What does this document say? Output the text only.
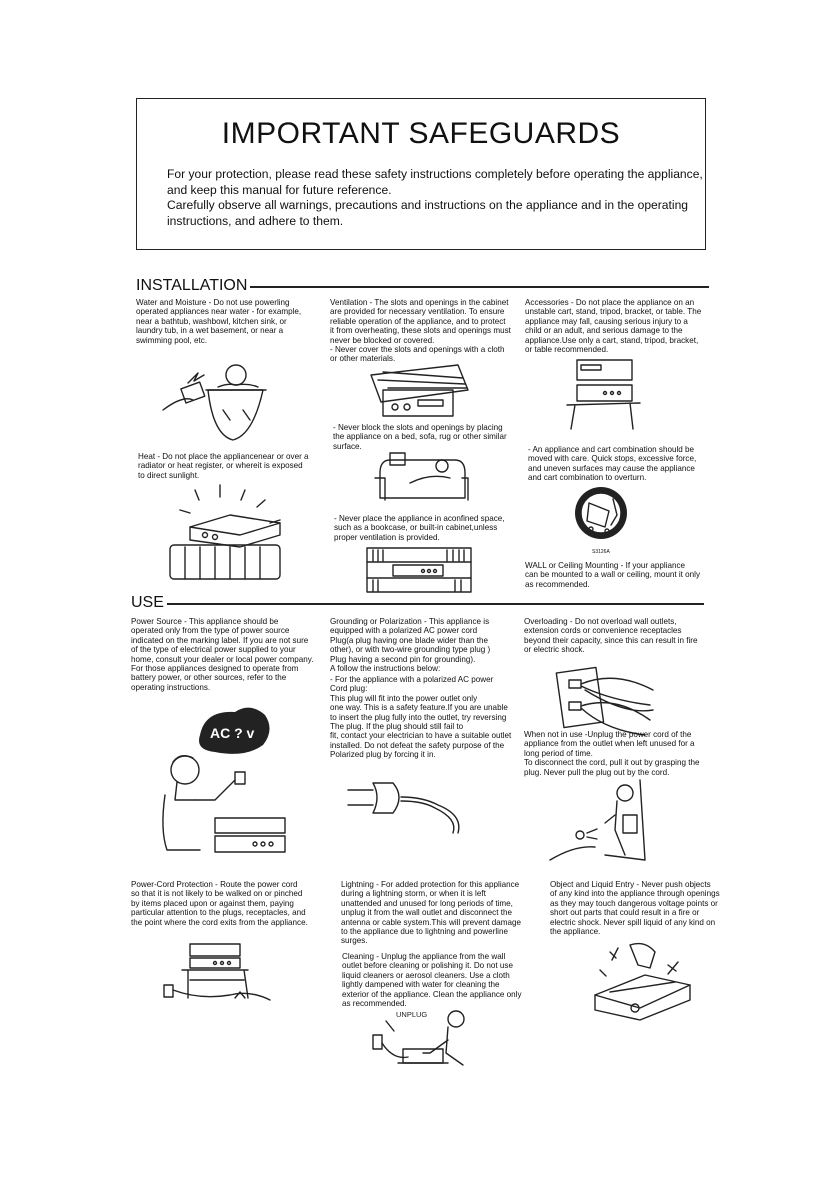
IMPORTANT SAFEGUARDS

For your protection, please read these safety instructions completely before operating the appliance, and keep this manual for future reference.

Carefully observe all warnings, precautions and instructions on the appliance and in the operating instructions, and adhere to them.

INSTALLATION
Water and Moisture - Do not use powerling
operated appliances near water - for example,
near a bathtub, washbowl, kitchen sink, or
laundry tub, in a wet basement, or near a
swimming pool, etc.
Ventilation - The slots and openings in the cabinet
are provided for necessary ventilation. To ensure
reliable operation of the appliance, and to protect
it from overheating, these slots and openings must
never be blocked or covered.
- Never cover the slots and openings with a cloth
or other materials.
Accessories - Do not place the appliance on an
unstable cart, stand, tripod, bracket, or table. The
appliance may fall, causing serious injury to a
child or an adult, and serious damage to the
appliance.Use only a cart, stand, tripod, bracket,
or table recommended.
- Never block the slots and openings by placing
the appliance on a bed, sofa, rug or other similar
surface.
Heat - Do not place the appliancenear or over a
radiator or heat register, or whereit is exposed
to direct sunlight.
- An appliance and cart combination should be
moved with care. Quick stops, excessive force,
and uneven surfaces may cause the appliance
and cart combination to overturn.
S3126A
- Never place the appliance in aconfined space,
such as a bookcase, or built-in cabinet,unless
proper ventilation is provided.
WALL or Ceiling Mounting - If your appliance
can be mounted to a wall or ceiling, mount it only
as recommended.
USE
Power Source - This appliance should be
operated only from the type of power source
indicated on the marking label. If you are not sure
of the type of electrical power supplied to your
home, consult your dealer or local power company.
For those appliances designed to operate from
battery power, or other sources, refer to the
operating instructions.
Grounding or Polarization - This appliance is
equipped with a polarized AC power cord
Plug(a plug having one blade wider than the
other), or with two-wire grounding type plug )
Plug having a second pin for grounding).
A follow the instructions below:
Overloading - Do not overload wall outlets,
extension cords or convenience receptacles
beyond their capacity, since this can result in fire
or electric shock.
- For the appliance with a polarized AC power
Cord plug:
This plug will fit into the power outlet only
one way. This is a safety feature.If you are unable
to insert the plug fully into the outlet, try reversing
The plug. If the plug should still fail to
fit, contact your electrician to have a suitable outlet
installed. Do not defeat the safety purpose of the
Polarized plug by forcing it in.
AC ? v	When not in use -Unplug the power cord of the
appliance from the outlet when left unused for a
long period of time.
To disconnect the cord, pull it out by grasping the
plug. Never pull the plug out by the cord.
Power-Cord Protection - Route the power cord
so that it is not likely to be walked on or pinched
by items placed upon or against them, paying
particular attention to the plugs, receptacles, and
the point where the cord exits from the appliance.
Lightning - For added protection for this appliance
during a lightning storm, or when it is left
unattended and unused for long periods of time,
unplug it from the wall outlet and disconnect the
antenna or cable system.This will prevent damage
to the appliance due to lightning and powerline
surges.
Object and Liquid Entry - Never push objects
of any kind into the appliance through openings
as they may touch dangerous voltage points or
short out parts that could result in a fire or
electric shock. Never spill liquid of any kind on
the appliance.
Cleaning - Unplug the appliance from the wall
outlet before cleaning or polishing it. Do not use
liquid cleaners or aerosol cleaners. Use a cloth
lightly dampened with water for cleaning the
exterior of the appliance. Clean the appliance only
as recommended.
UNPLUG
